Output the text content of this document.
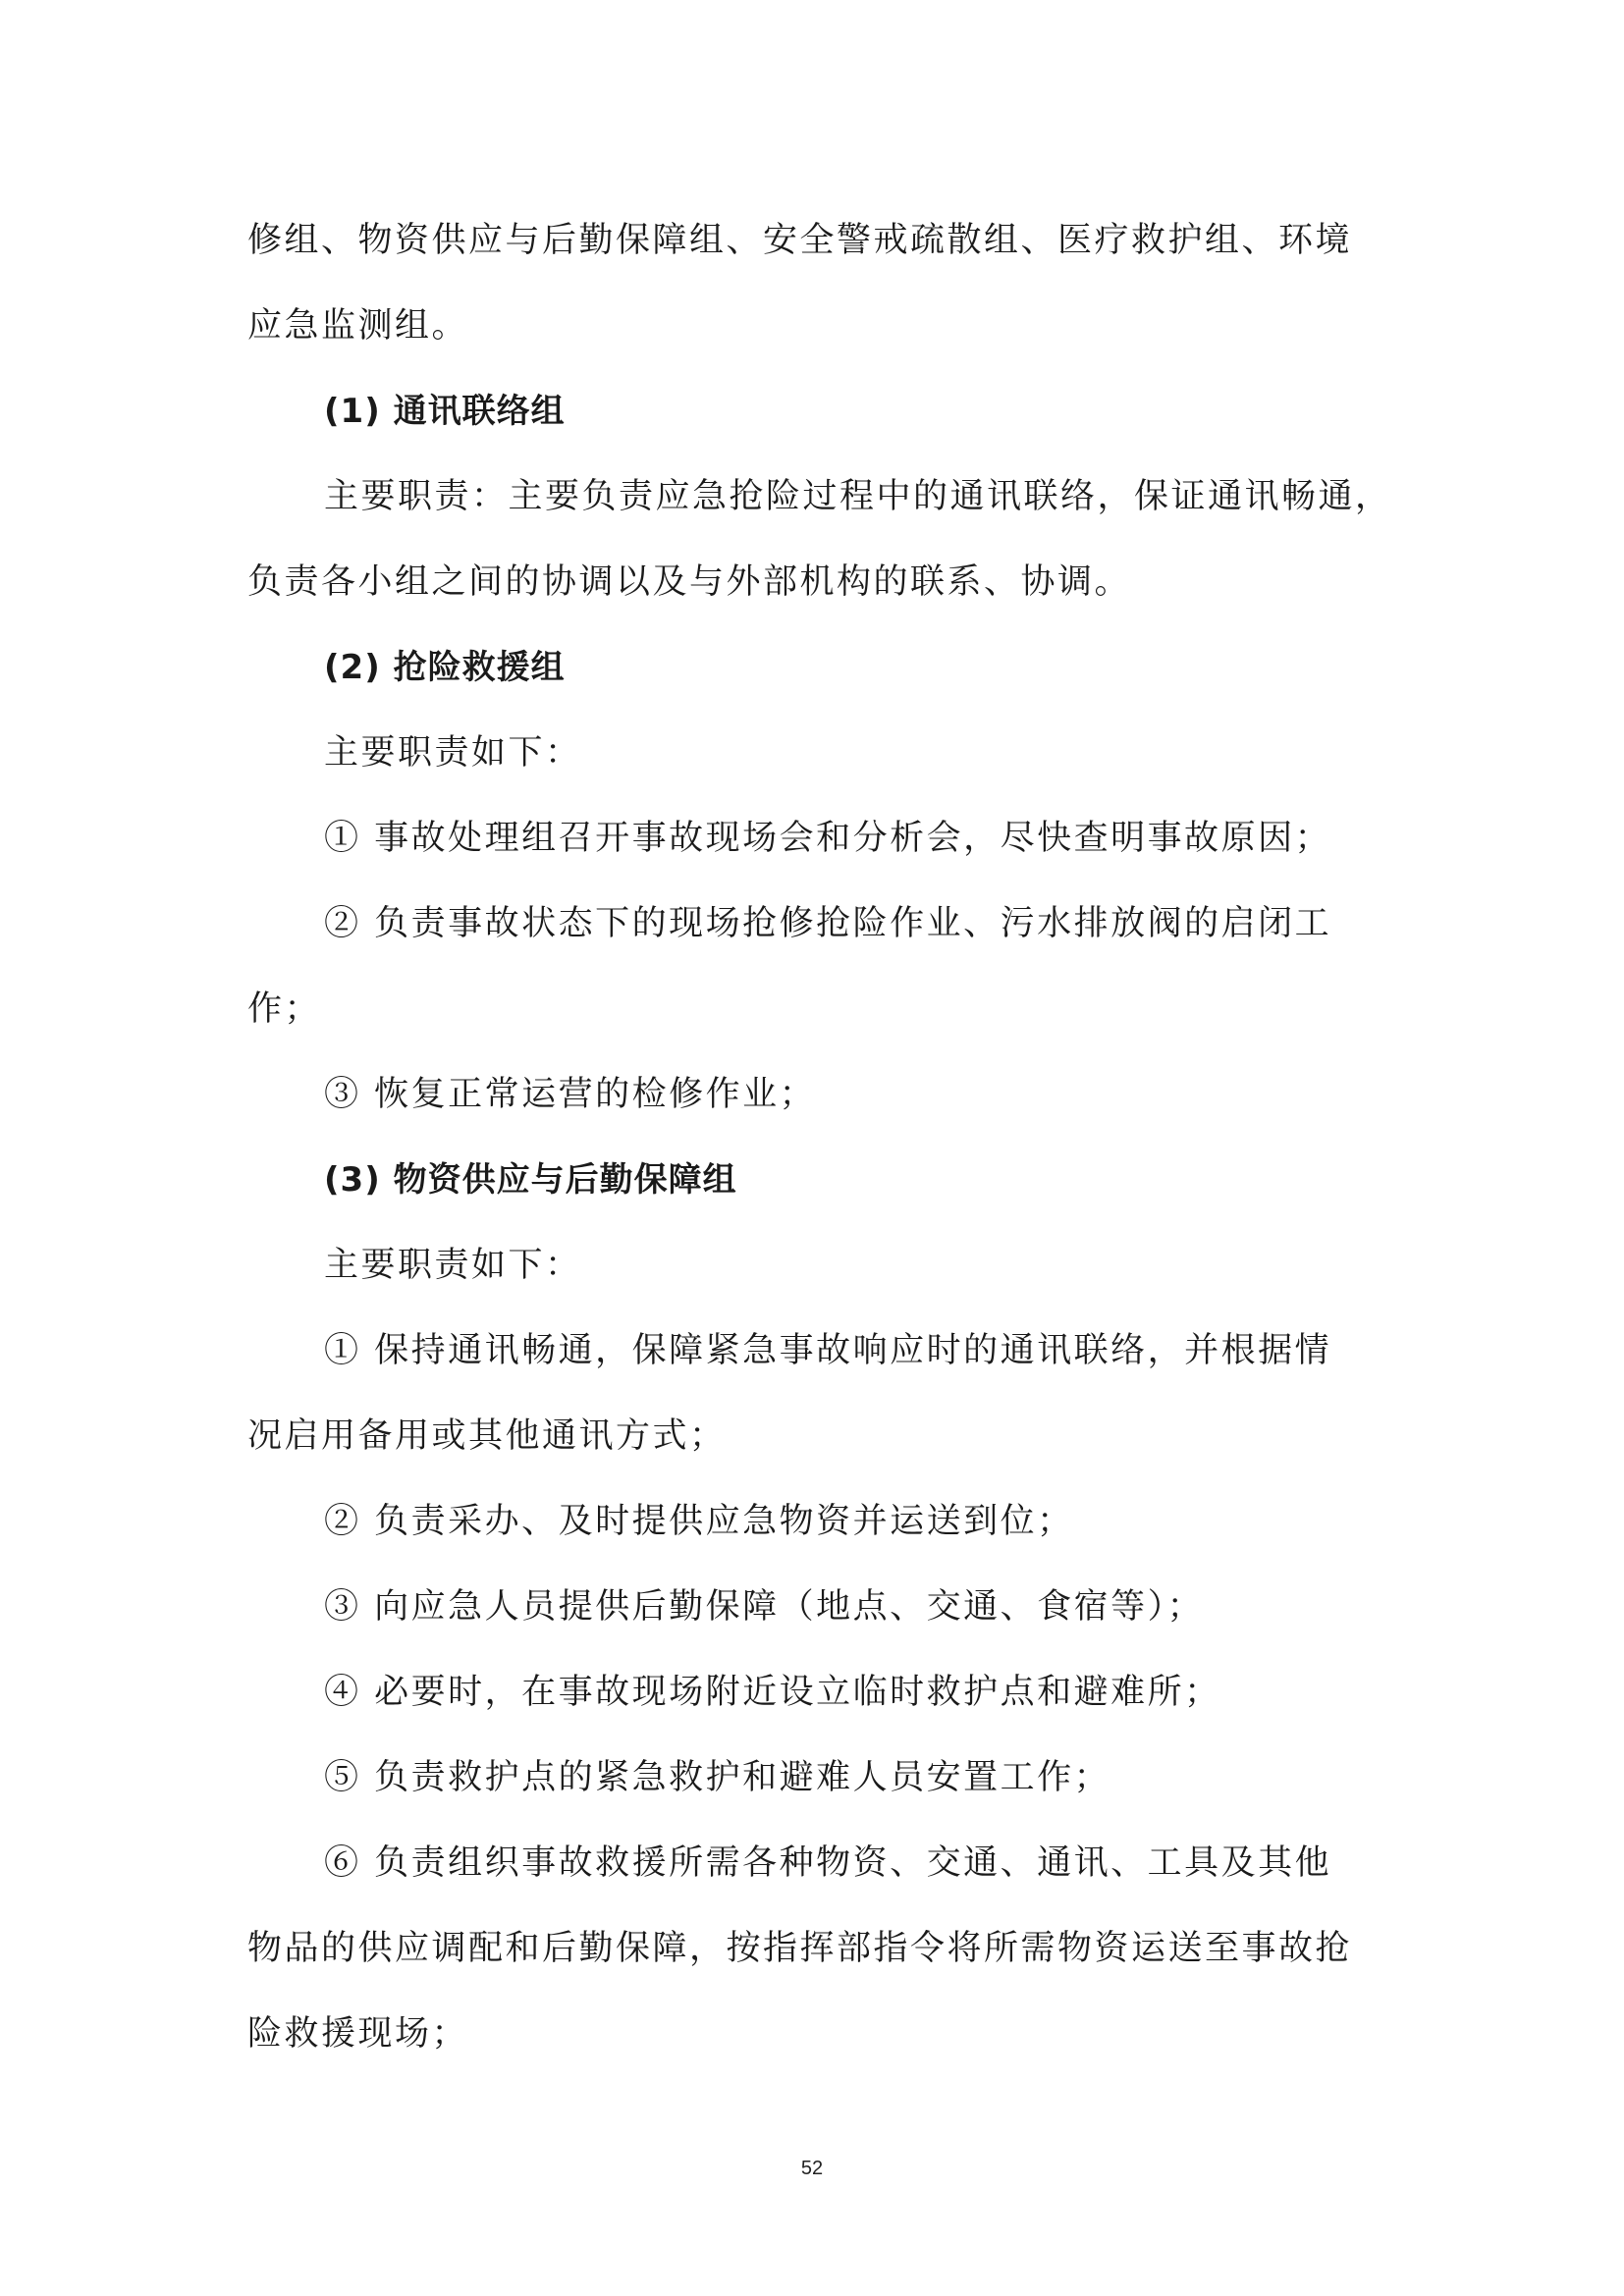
修组、物资供应与后勤保障组、安全警戒疏散组、医疗救护组、环境
应急监测组。
(1) 通讯联络组
主要职责：主要负责应急抢险过程中的通讯联络，保证通讯畅通，
负责各小组之间的协调以及与外部机构的联系、协调。
(2) 抢险救援组
主要职责如下：
① 事故处理组召开事故现场会和分析会，尽快查明事故原因；
② 负责事故状态下的现场抢修抢险作业、污水排放阀的启闭工
作；
③ 恢复正常运营的检修作业；
(3) 物资供应与后勤保障组
主要职责如下：
① 保持通讯畅通，保障紧急事故响应时的通讯联络，并根据情
况启用备用或其他通讯方式；
② 负责采办、及时提供应急物资并运送到位；
③ 向应急人员提供后勤保障（地点、交通、食宿等）；
④ 必要时，在事故现场附近设立临时救护点和避难所；
⑤ 负责救护点的紧急救护和避难人员安置工作；
⑥ 负责组织事故救援所需各种物资、交通、通讯、工具及其他
物品的供应调配和后勤保障，按指挥部指令将所需物资运送至事故抢
险救援现场；
52
